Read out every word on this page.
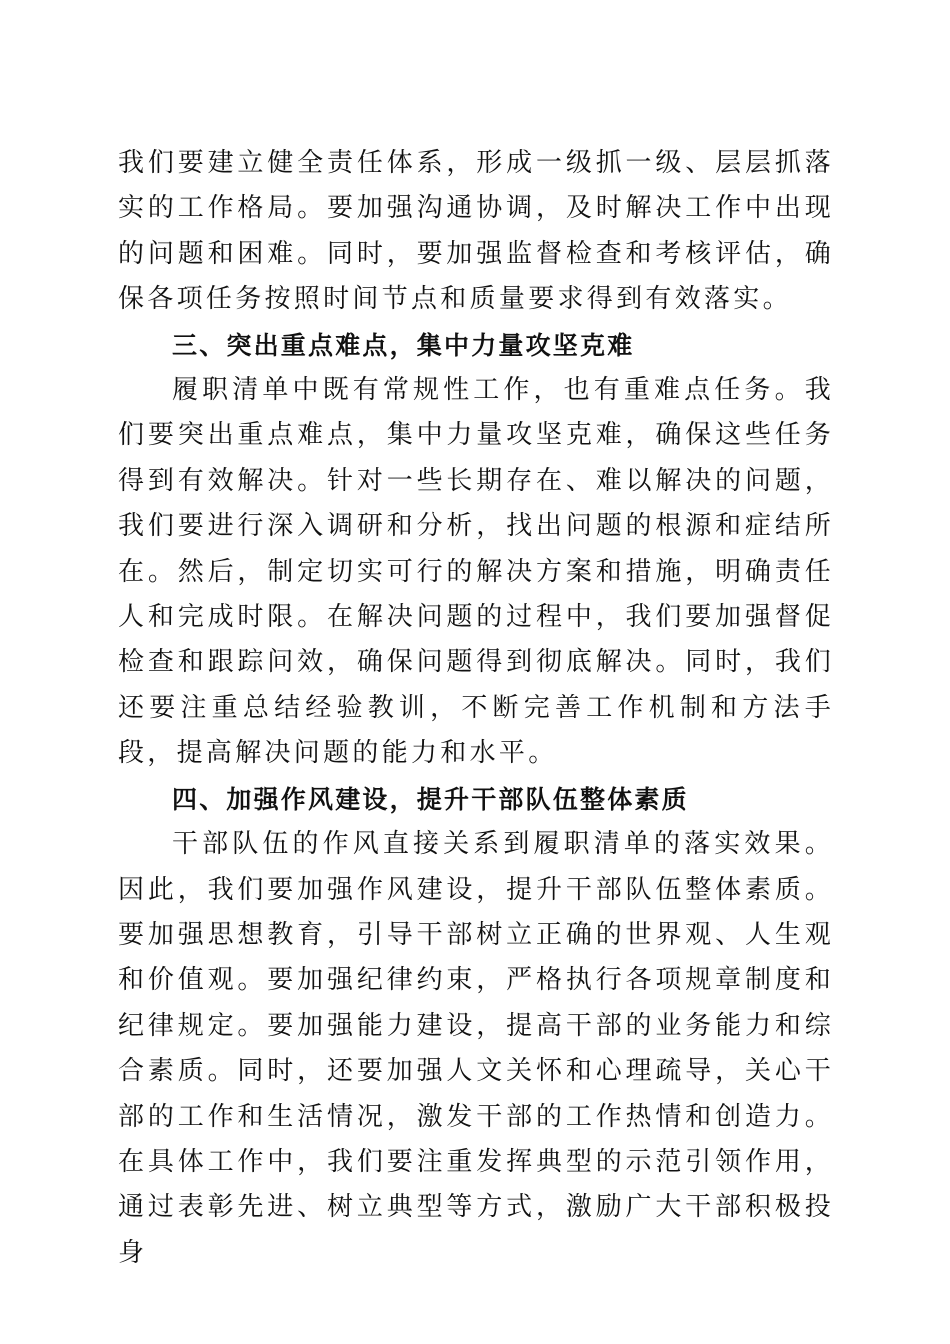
我们要建立健全责任体系，形成一级抓一级、层层抓落实的工作格局。要加强沟通协调，及时解决工作中出现的问题和困难。同时，要加强监督检查和考核评估，确保各项任务按照时间节点和质量要求得到有效落实。

三、突出重点难点，集中力量攻坚克难

履职清单中既有常规性工作，也有重难点任务。我们要突出重点难点，集中力量攻坚克难，确保这些任务得到有效解决。针对一些长期存在、难以解决的问题，我们要进行深入调研和分析，找出问题的根源和症结所在。然后，制定切实可行的解决方案和措施，明确责任人和完成时限。在解决问题的过程中，我们要加强督促检查和跟踪问效，确保问题得到彻底解决。同时，我们还要注重总结经验教训，不断完善工作机制和方法手段，提高解决问题的能力和水平。

四、加强作风建设，提升干部队伍整体素质

干部队伍的作风直接关系到履职清单的落实效果。因此，我们要加强作风建设，提升干部队伍整体素质。要加强思想教育，引导干部树立正确的世界观、人生观和价值观。要加强纪律约束，严格执行各项规章制度和纪律规定。要加强能力建设，提高干部的业务能力和综合素质。同时，还要加强人文关怀和心理疏导，关心干部的工作和生活情况，激发干部的工作热情和创造力。在具体工作中，我们要注重发挥典型的示范引领作用，通过表彰先进、树立典型等方式，激励广大干部积极投身
